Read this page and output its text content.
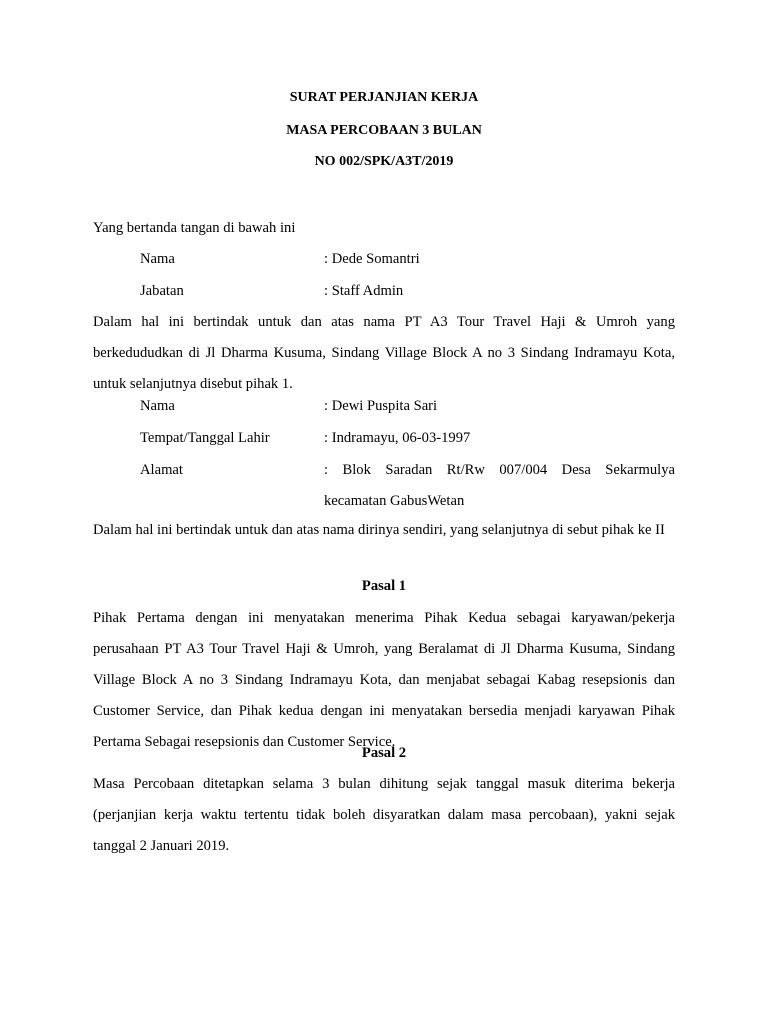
SURAT PERJANJIAN KERJA
MASA PERCOBAAN 3 BULAN
NO 002/SPK/A3T/2019
Yang bertanda tangan di bawah ini
Nama	: Dede Somantri
Jabatan	: Staff Admin

Dalam hal ini bertindak untuk dan atas nama PT A3 Tour Travel Haji & Umroh yang berkedududkan di Jl Dharma Kusuma, Sindang Village Block A no 3 Sindang Indramayu Kota, untuk selanjutnya disebut pihak 1.

Nama	: Dewi Puspita Sari
Tempat/Tanggal Lahir	: Indramayu, 06-03-1997
Alamat	: Blok Saradan Rt/Rw 007/004 Desa Sekarmulya kecamatan GabusWetan

Dalam hal ini bertindak untuk dan atas nama dirinya sendiri, yang selanjutnya di sebut pihak ke II

Pasal 1

Pihak Pertama dengan ini menyatakan menerima Pihak Kedua sebagai karyawan/pekerja perusahaan PT A3 Tour Travel Haji & Umroh, yang Beralamat di Jl Dharma Kusuma, Sindang Village Block A no 3 Sindang Indramayu Kota, dan menjabat sebagai Kabag resepsionis dan Customer Service, dan Pihak kedua dengan ini menyatakan bersedia menjadi karyawan Pihak Pertama Sebagai resepsionis dan Customer Service.

Pasal 2

Masa Percobaan ditetapkan selama 3 bulan dihitung sejak tanggal masuk diterima bekerja (perjanjian kerja waktu tertentu tidak boleh disyaratkan dalam masa percobaan), yakni sejak tanggal 2 Januari 2019.
